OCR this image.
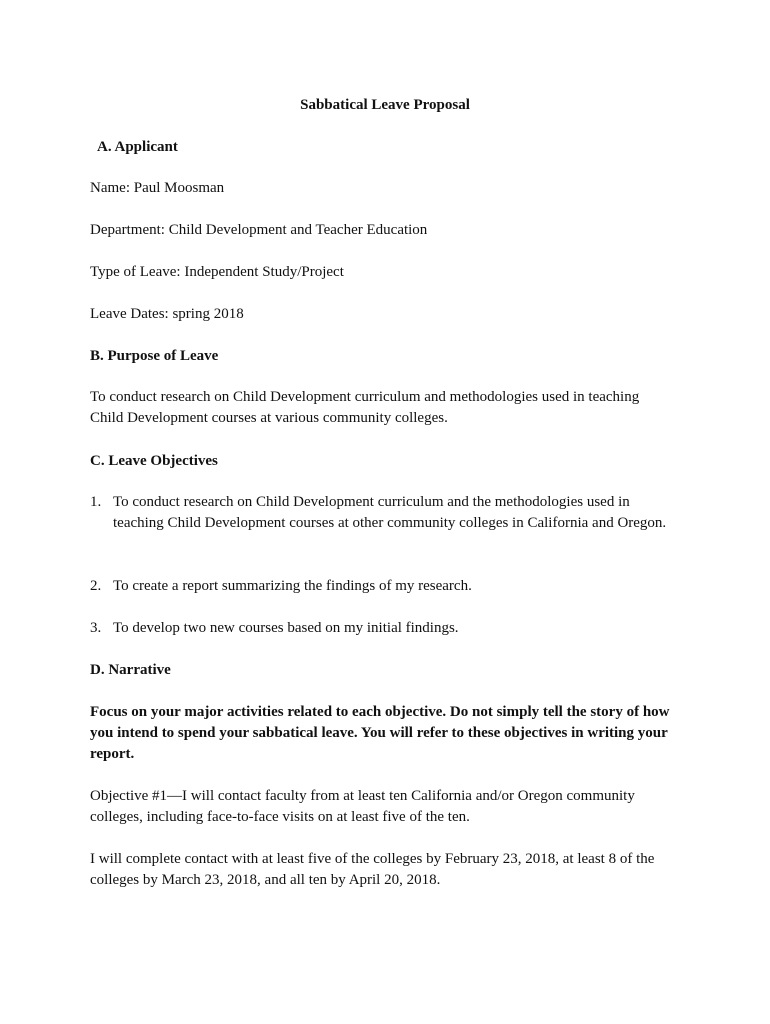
Sabbatical Leave Proposal
A. Applicant
Name: Paul Moosman
Department: Child Development and Teacher Education
Type of Leave: Independent Study/Project
Leave Dates: spring 2018
B. Purpose of Leave
To conduct research on Child Development curriculum and methodologies used in teaching Child Development courses at various community colleges.
C. Leave Objectives
1. To conduct research on Child Development curriculum and the methodologies used in teaching Child Development courses at other community colleges in California and Oregon.
2. To create a report summarizing the findings of my research.
3. To develop two new courses based on my initial findings.
D. Narrative
Focus on your major activities related to each objective. Do not simply tell the story of how you intend to spend your sabbatical leave. You will refer to these objectives in writing your report.
Objective #1—I will contact faculty from at least ten California and/or Oregon community colleges, including face-to-face visits on at least five of the ten.
I will complete contact with at least five of the colleges by February 23, 2018, at least 8 of the colleges by March 23, 2018, and all ten by April 20, 2018.
